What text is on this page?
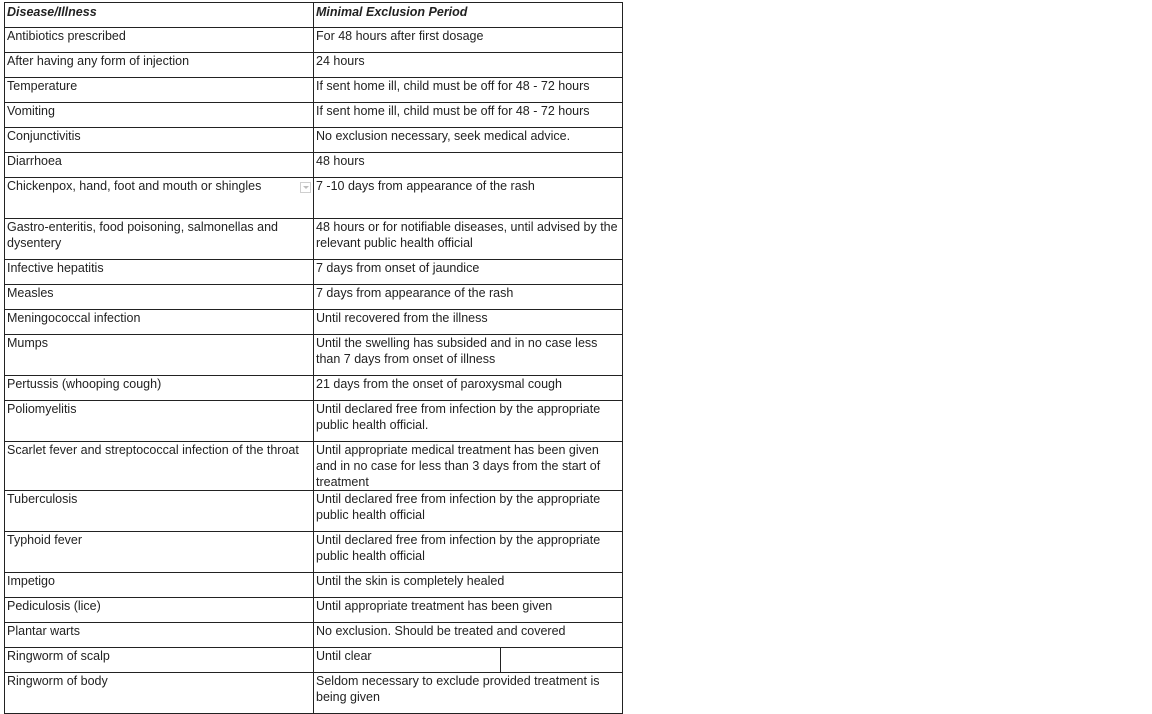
Disease/Illness	Minimal Exclusion Period
Antibiotics prescribed	For 48 hours after first dosage
After having any form of injection	24 hours
Temperature	If sent home ill, child must be off for 48 - 72 hours
Vomiting	If sent home ill, child must be off for 48 - 72 hours
Conjunctivitis	No exclusion necessary, seek medical advice.
Diarrhoea	48 hours

Chickenpox, hand, foot and mouth or shingles	7 -10 days from appearance of the rash
Gastro-enteritis, food poisoning, salmonellas and dysentery	48 hours or for notifiable diseases, until advised by the relevant public health official
Infective hepatitis	7 days from onset of jaundice
Measles	7 days from appearance of the rash
Meningococcal infection	Until recovered from the illness
Mumps	Until the swelling has subsided and in no case less than 7 days from onset of illness
Pertussis (whooping cough)	21 days from the onset of paroxysmal cough
Poliomyelitis	Until declared free from infection by the appropriate public health official.
Scarlet fever and streptococcal infection of the throat	Until appropriate medical treatment has been given and in no case for less than 3 days from the start of treatment
Tuberculosis	Until declared free from infection by the appropriate public health official
Typhoid fever	Until declared free from infection by the appropriate public health official
Impetigo	Until the skin is completely healed
Pediculosis (lice)	Until appropriate treatment has been given
Plantar warts	No exclusion. Should be treated and covered
Ringworm of scalp	Until clear

Ringworm of body	Seldom necessary to exclude provided treatment is being given
